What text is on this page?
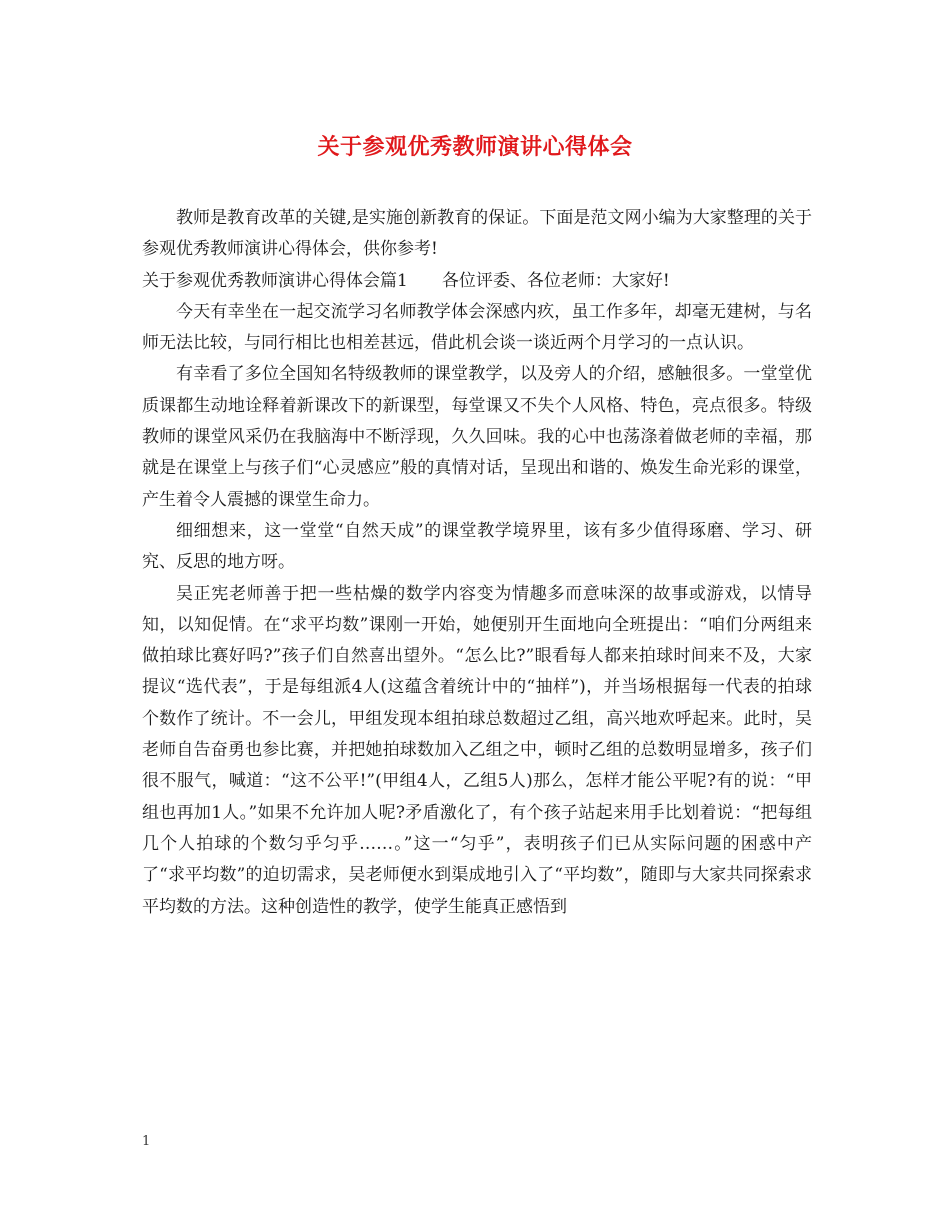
关于参观优秀教师演讲心得体会

教师是教育改革的关键,是实施创新教育的保证。下面是范文网小编为大家整理的关于参观优秀教师演讲心得体会，供你参考!

关于参观优秀教师演讲心得体会篇1　　各位评委、各位老师：大家好!

今天有幸坐在一起交流学习名师教学体会深感内疚，虽工作多年，却毫无建树，与名师无法比较，与同行相比也相差甚远，借此机会谈一谈近两个月学习的一点认识。

有幸看了多位全国知名特级教师的课堂教学，以及旁人的介绍，感触很多。一堂堂优质课都生动地诠释着新课改下的新课型，每堂课又不失个人风格、特色，亮点很多。特级教师的课堂风采仍在我脑海中不断浮现，久久回味。我的心中也荡涤着做老师的幸福，那就是在课堂上与孩子们“心灵感应”般的真情对话，呈现出和谐的、焕发生命光彩的课堂，产生着令人震撼的课堂生命力。

细细想来，这一堂堂“自然天成”的课堂教学境界里，该有多少值得琢磨、学习、研究、反思的地方呀。

吴正宪老师善于把一些枯燥的数学内容变为情趣多而意味深的故事或游戏，以情导知，以知促情。在“求平均数”课刚一开始，她便别开生面地向全班提出：“咱们分两组来做拍球比赛好吗?”孩子们自然喜出望外。“怎么比?”眼看每人都来拍球时间来不及，大家提议“选代表”，于是每组派4人(这蕴含着统计中的“抽样”)，并当场根据每一代表的拍球个数作了统计。不一会儿，甲组发现本组拍球总数超过乙组，高兴地欢呼起来。此时，吴老师自告奋勇也参比赛，并把她拍球数加入乙组之中，顿时乙组的总数明显增多，孩子们很不服气，喊道：“这不公平!”(甲组4人，乙组5人)那么，怎样才能公平呢?有的说：“甲组也再加1人。”如果不允许加人呢?矛盾激化了，有个孩子站起来用手比划着说：“把每组几个人拍球的个数匀乎匀乎……。”这一“匀乎”，表明孩子们已从实际问题的困惑中产了“求平均数”的迫切需求，吴老师便水到渠成地引入了“平均数”，随即与大家共同探索求平均数的方法。这种创造性的教学，使学生能真正感悟到

1
